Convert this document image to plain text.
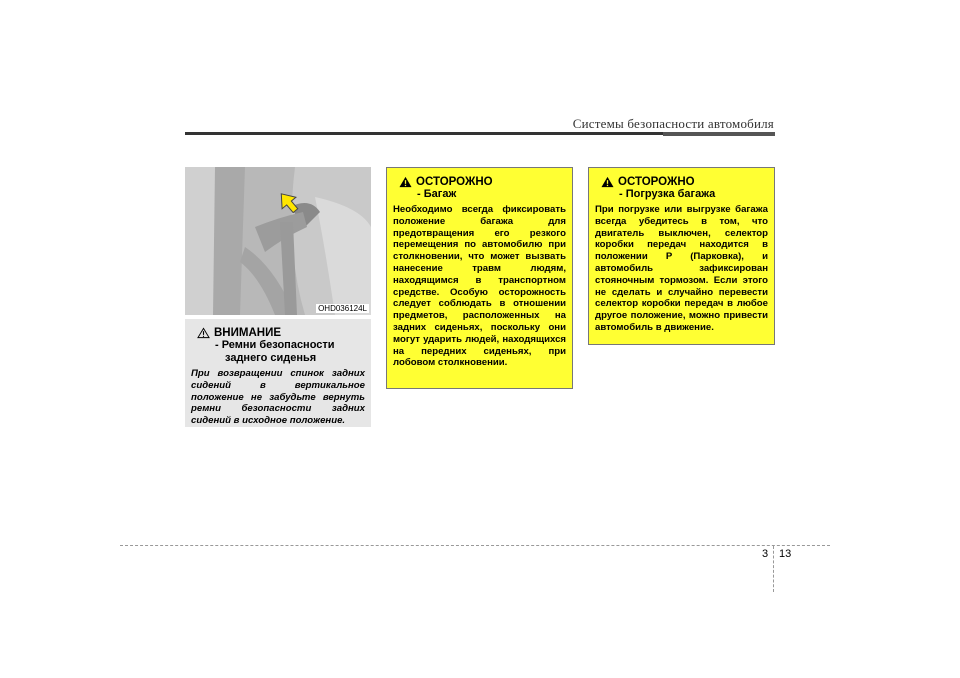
Системы безопасности автомобиля
OHD036124L
ВНИМАНИЕ
- Ремни безопасности
заднего сиденья
При возвращении спинок задних сидений в вертикальное положение не забудьте вернуть ремни безопасности задних сидений в исходное положение.
ОСТОРОЖНО
- Багаж
Необходимо всегда фиксировать положение багажа для предотвращения его резкого перемещения по автомобилю при столкновении, что может вызвать нанесение травм людям, находящимся в транспортном средстве. Особую осторожность следует соблюдать в отношении предметов, расположенных на задних сиденьях, поскольку они могут ударить людей, находящихся на передних сиденьях, при лобовом столкновении.
ОСТОРОЖНО
- Погрузка багажа
При погрузке или выгрузке багажа всегда убедитесь в том, что двигатель выключен, селектор коробки передач находится в положении P (Парковка), и автомобиль зафиксирован стояночным тормозом. Если этого не сделать и случайно перевести селектор коробки передач в любое другое положение, можно привести автомобиль в движение.
3 13
